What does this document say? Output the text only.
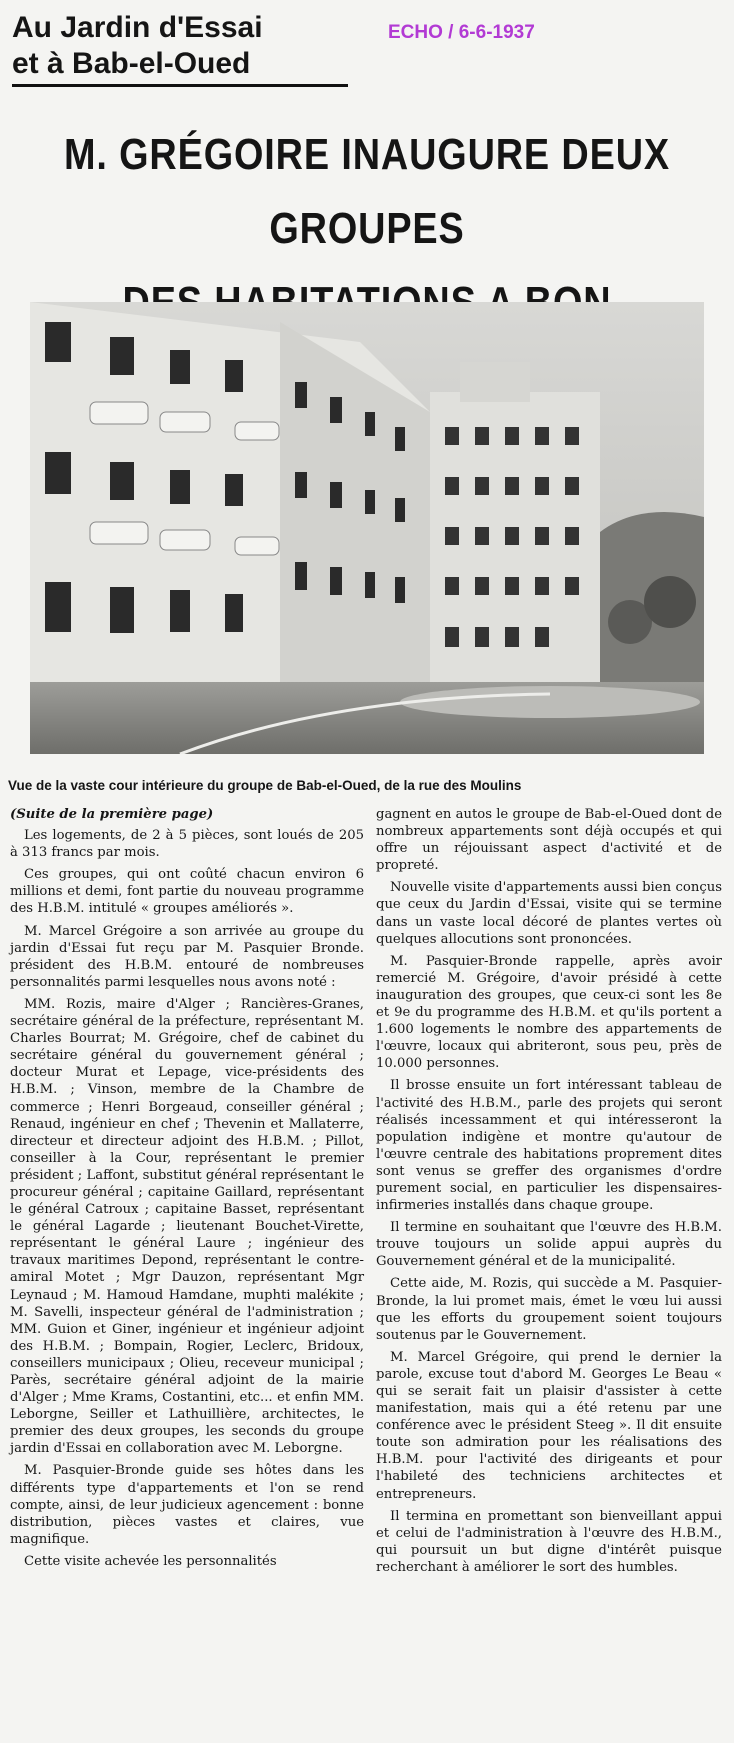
Au Jardin d'Essai
et à Bab-el-Oued
ECHO / 6-6-1937
M. GRÉGOIRE INAUGURE DEUX GROUPES
Vue de la vaste cour intérieure du groupe de Bab-el-Oued, de la rue des Moulins

(Suite de la première page)

Les logements, de 2 à 5 pièces, sont loués de 205 à 313 francs par mois.

Ces groupes, qui ont coûté chacun environ 6 millions et demi, font partie du nouveau programme des H.B.M. intitulé « groupes améliorés ».

M. Marcel Grégoire a son arrivée au groupe du jardin d'Essai fut reçu par M. Pasquier Bronde. président des H.B.M. entouré de nombreuses personnalités parmi lesquelles nous avons noté :

MM. Rozis, maire d'Alger ; Rancières-Granes, secrétaire général de la préfecture, représentant M. Charles Bourrat; M. Grégoire, chef de cabinet du secrétaire général du gouvernement général ; docteur Murat et Lepage, vice-présidents des H.B.M. ; Vinson, membre de la Chambre de commerce ; Henri Borgeaud, conseiller général ; Renaud, ingénieur en chef ; Thevenin et Mallaterre, directeur et directeur adjoint des H.B.M. ; Pillot, conseiller à la Cour, représentant le premier président ; Laffont, substitut général représentant le procureur général ; capitaine Gaillard, représentant le général Catroux ; capitaine Basset, représentant le général Lagarde ; lieutenant Bouchet-Virette, représentant le général Laure ; ingénieur des travaux maritimes Depond, représentant le contre-amiral Motet ; Mgr Dauzon, représentant Mgr Leynaud ; M. Hamoud Hamdane, muphti malékite ; M. Savelli, inspecteur général de l'administration ; MM. Guion et Giner, ingénieur et ingénieur adjoint des H.B.M. ; Bompain, Rogier, Leclerc, Bridoux, conseillers municipaux ; Olieu, receveur municipal ; Parès, secrétaire général adjoint de la mairie d'Alger ; Mme Krams, Costantini, etc... et enfin MM. Leborgne, Seiller et Lathuillière, architectes, le premier des deux groupes, les seconds du groupe jardin d'Essai en collaboration avec M. Leborgne.

M. Pasquier-Bronde guide ses hôtes dans les différents type d'appartements et l'on se rend compte, ainsi, de leur judicieux agencement : bonne distribution, pièces vastes et claires, vue magnifique.

Cette visite achevée les personnalités

gagnent en autos le groupe de Bab-el-Oued dont de nombreux appartements sont déjà occupés et qui offre un réjouissant aspect d'activité et de propreté.

Nouvelle visite d'appartements aussi bien conçus que ceux du Jardin d'Essai, visite qui se termine dans un vaste local décoré de plantes vertes où quelques allocutions sont prononcées.

M. Pasquier-Bronde rappelle, après avoir remercié M. Grégoire, d'avoir présidé à cette inauguration des groupes, que ceux-ci sont les 8e et 9e du programme des H.B.M. et qu'ils portent a 1.600 logements le nombre des appartements de l'œuvre, locaux qui abriteront, sous peu, près de 10.000 personnes.

Il brosse ensuite un fort intéressant tableau de l'activité des H.B.M., parle des projets qui seront réalisés incessamment et qui intéresseront la population indigène et montre qu'autour de l'œuvre centrale des habitations proprement dites sont venus se greffer des organismes d'ordre purement social, en particulier les dispensaires-infirmeries installés dans chaque groupe.

Il termine en souhaitant que l'œuvre des H.B.M. trouve toujours un solide appui auprès du Gouvernement général et de la municipalité.

Cette aide, M. Rozis, qui succède a M. Pasquier-Bronde, la lui promet mais, émet le vœu lui aussi que les efforts du groupement soient toujours soutenus par le Gouvernement.

M. Marcel Grégoire, qui prend le dernier la parole, excuse tout d'abord M. Georges Le Beau « qui se serait fait un plaisir d'assister à cette manifestation, mais qui a été retenu par une conférence avec le président Steeg ». Il dit ensuite toute son admiration pour les réalisations des H.B.M. pour l'activité des dirigeants et pour l'habileté des techniciens architectes et entrepreneurs.

Il termina en promettant son bienveillant appui et celui de l'administration à l'œuvre des H.B.M., qui poursuit un but digne d'intérêt puisque recherchant à améliorer le sort des humbles.
